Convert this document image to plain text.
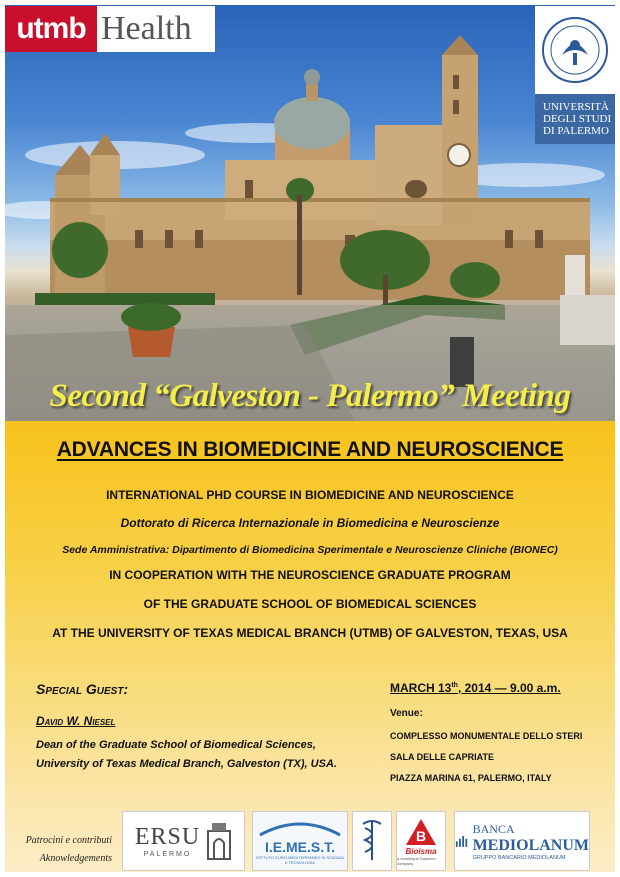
utmb Health
UNIVERSITÀ
DEGLI STUDI
DI PALERMO
Second “Galveston - Palermo” Meeting
ADVANCES IN BIOMEDICINE AND NEUROSCIENCE
INTERNATIONAL PHD COURSE IN BIOMEDICINE AND NEUROSCIENCE
Dottorato di Ricerca Internazionale in Biomedicina e Neuroscienze
Sede Amministrativa: Dipartimento di Biomedicina Sperimentale e Neuroscienze Cliniche (BIONEC)
IN COOPERATION WITH THE NEUROSCIENCE GRADUATE PROGRAM
OF THE GRADUATE SCHOOL OF BIOMEDICAL SCIENCES
AT THE UNIVERSITY OF TEXAS MEDICAL BRANCH (UTMB) OF GALVESTON, TEXAS, USA
Special Guest:
David W. Niesel
Dean of the Graduate School of Biomedical Sciences,
University of Texas Medical Branch, Galveston (TX), USA.
MARCH 13th, 2014 — 9.00 a.m.
Venue:
COMPLESSO MONUMENTALE DELLO STERI
SALA DELLE CAPRIATE
PIAZZA MARINA 61, PALERMO, ITALY
Patrocini e contributi
Aknowledgements
ERSU
PALERMO	I.E.ME.S.T.
ISTITUTO EURO-MEDITERRANEO DI SCIENZA E TECNOLOGIA
B
Bioisma
a dominique Dutscher company
BANCA
MEDIOLANUM
GRUPPO BANCARIO MEDIOLANUM
